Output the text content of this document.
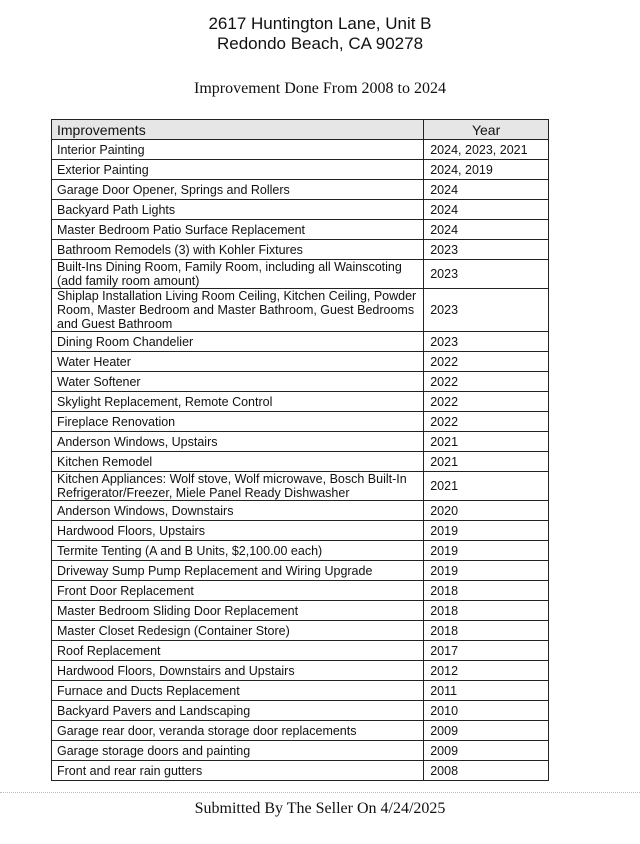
2617 Huntington Lane, Unit B
Redondo Beach, CA 90278
Improvement Done From 2008 to 2024
Improvements	Year
Interior Painting	2024, 2023, 2021
Exterior Painting	2024, 2019
Garage Door Opener, Springs and Rollers	2024
Backyard Path Lights	2024
Master Bedroom Patio Surface Replacement	2024
Bathroom Remodels (3) with Kohler Fixtures	2023
Built-Ins Dining Room, Family Room, including all Wainscoting (add family room amount)	2023
Shiplap Installation Living Room Ceiling, Kitchen Ceiling, Powder Room, Master Bedroom and Master Bathroom, Guest Bedrooms and Guest Bathroom	2023
Dining Room Chandelier	2023
Water Heater	2022
Water Softener	2022
Skylight Replacement, Remote Control	2022
Fireplace Renovation	2022
Anderson Windows, Upstairs	2021
Kitchen Remodel	2021
Kitchen Appliances: Wolf stove, Wolf microwave, Bosch Built-In Refrigerator/Freezer, Miele Panel Ready Dishwasher	2021
Anderson Windows, Downstairs	2020
Hardwood Floors, Upstairs	2019
Termite Tenting (A and B Units, $2,100.00 each)	2019
Driveway Sump Pump Replacement and Wiring Upgrade	2019
Front Door Replacement	2018
Master Bedroom Sliding Door Replacement	2018
Master Closet Redesign (Container Store)	2018
Roof Replacement	2017
Hardwood Floors, Downstairs and Upstairs	2012
Furnace and Ducts Replacement	2011
Backyard Pavers and Landscaping	2010
Garage rear door, veranda storage door replacements	2009
Garage storage doors and painting	2009
Front and rear rain gutters	2008
Submitted By The Seller On 4/24/2025
